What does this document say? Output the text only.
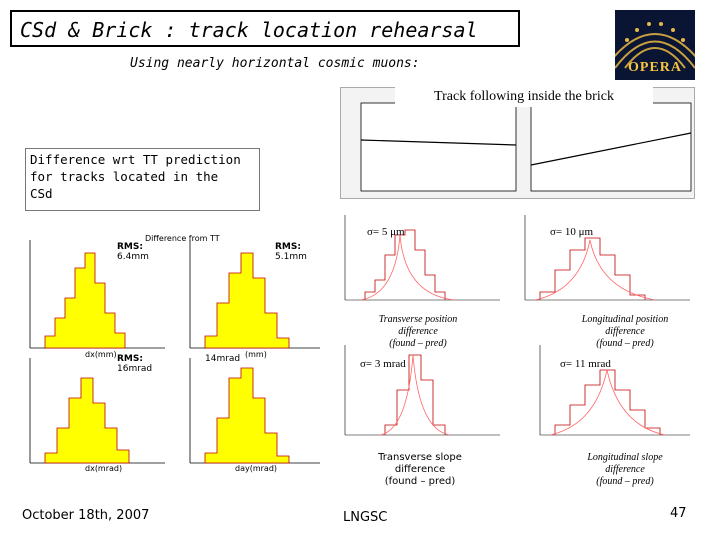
CSd & Brick : track location rehearsal
Using nearly horizontal cosmic muons:	OPERA
Track following inside the brick
Difference wrt TT prediction
for tracks located in the
CSd
Difference from TT
RMS:
6.4mm
RMS:
5.1mm
RMS:
16mrad
14mrad
dx(mm)	(mm)
dx(mrad)	day(mrad)
σ= 5 μm	σ= 10 μm
σ= 3 mrad	σ= 11 mrad
Transverse position
difference
(found – pred)
Longitudinal position
difference
(found – pred)
Transverse slope
difference
(found – pred)
Longitudinal slope
difference
(found – pred)
October 18th, 2007	LNGSC	47
